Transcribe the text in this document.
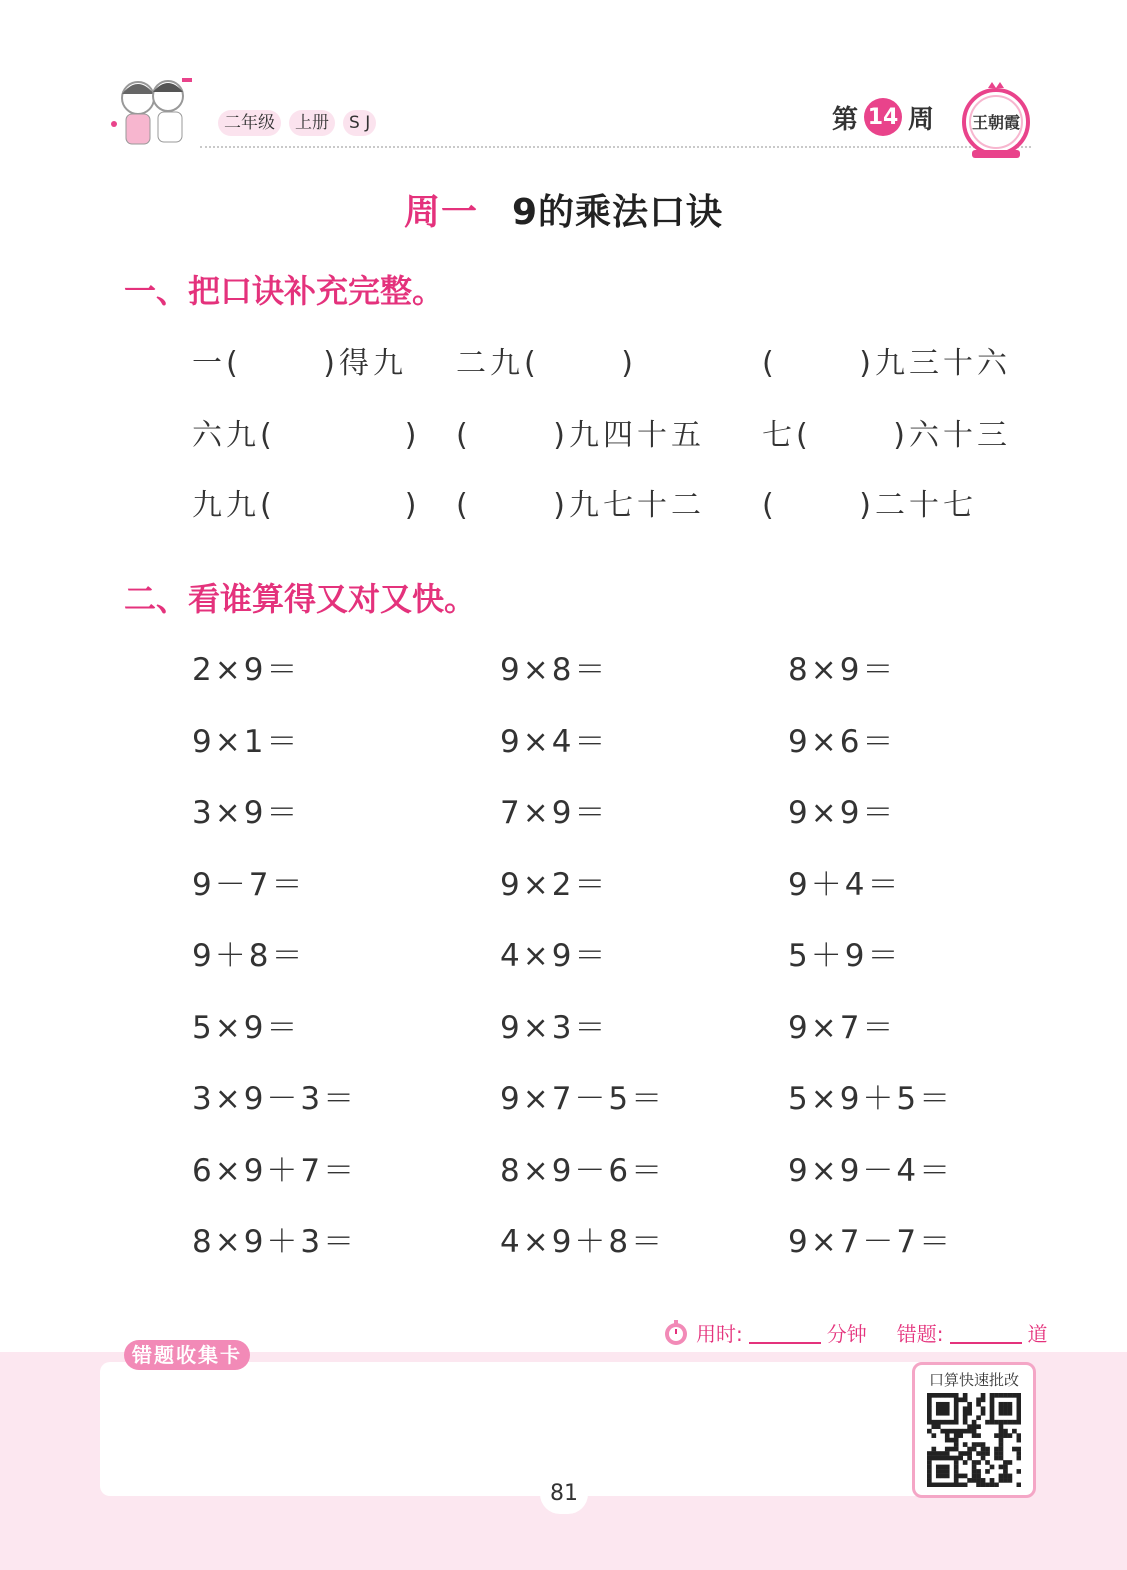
二年级	上册	S J	第 14 周	王朝霞
周一 9的乘法口诀
一、把口诀补充完整。
一(　 　)得九 二九(　 　)	(　 　)九三十六
六九(　 　 　) (　 　)九四十五 七(　 　)六十三
九九(　 　 　) (　 　)九七十二 (　 　)二十七
二、看谁算得又对又快。
2×9＝	9×8＝	8×9＝
9×1＝	9×4＝	9×6＝
3×9＝	7×9＝	9×9＝
9－7＝	9×2＝	9＋4＝
9＋8＝	4×9＝	5＋9＝
5×9＝	9×3＝	9×7＝
3×9－3＝	9×7－5＝	5×9＋5＝
6×9＋7＝	8×9－6＝	9×9－4＝
8×9＋3＝	4×9＋8＝	9×7－7＝
用时:	分钟 错题:	道
错题收集卡
口算快速批改
81
